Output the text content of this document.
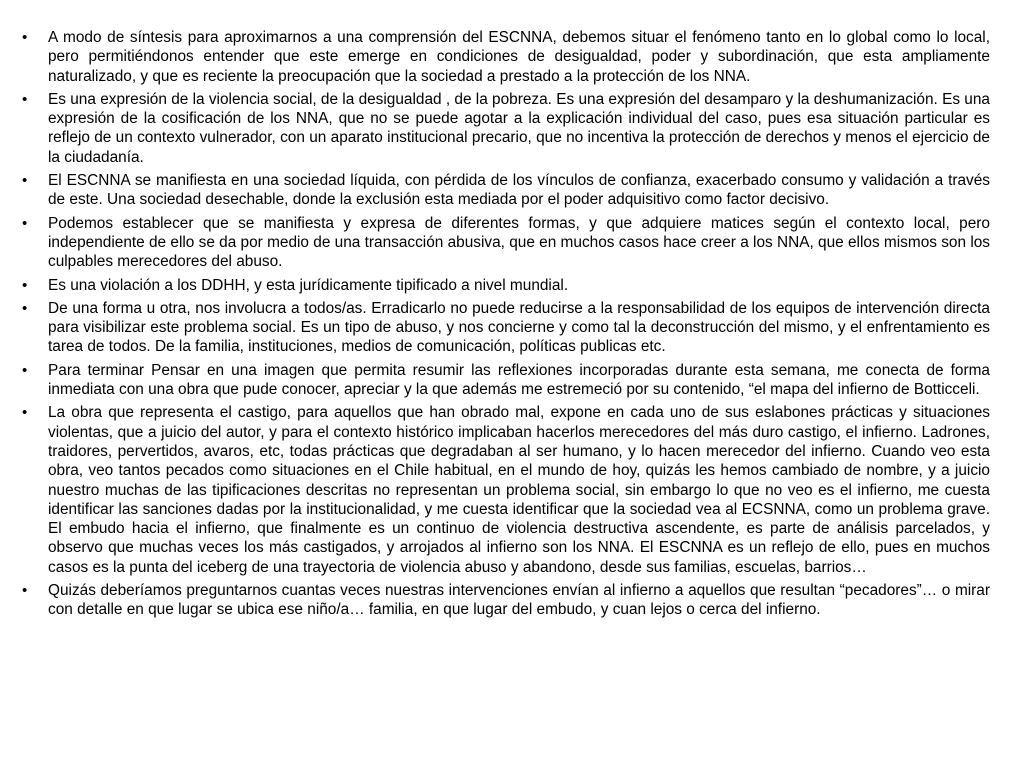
•	A modo de síntesis para aproximarnos a una comprensión del ESCNNA, debemos situar el fenómeno tanto en lo global como lo local, pero permitiéndonos entender que este emerge en condiciones de desigualdad, poder y subordinación, que esta ampliamente naturalizado, y que es reciente la preocupación que la sociedad a prestado a la protección de los NNA.
•	Es una expresión de la violencia social, de la desigualdad , de la pobreza. Es una expresión del desamparo y la deshumanización. Es una expresión de la cosificación de los NNA, que no se puede agotar a la explicación individual del caso, pues esa situación particular es reflejo de un contexto vulnerador, con un aparato institucional precario, que no incentiva la protección de derechos y menos el ejercicio de la ciudadanía.
•	El ESCNNA se manifiesta en una sociedad líquida, con pérdida de los vínculos de confianza, exacerbado consumo y validación a través de este. Una sociedad desechable, donde la exclusión esta mediada por el poder adquisitivo como factor decisivo.
•	Podemos establecer que se manifiesta y expresa de diferentes formas, y que adquiere matices según el contexto local, pero independiente de ello se da por medio de una transacción abusiva, que en muchos casos hace creer a los NNA, que ellos mismos son los culpables merecedores del abuso.
•	Es una violación a los DDHH, y esta jurídicamente tipificado a nivel mundial.
•	De una forma u otra, nos involucra a todos/as. Erradicarlo no puede reducirse a la responsabilidad de los equipos de intervención directa para visibilizar este problema social. Es un tipo de abuso, y nos concierne y como tal la deconstrucción del mismo, y el enfrentamiento es tarea de todos. De la familia, instituciones, medios de comunicación, políticas publicas etc.
•	Para terminar Pensar en una imagen que permita resumir las reflexiones incorporadas durante esta semana, me conecta de forma inmediata con una obra que pude conocer, apreciar y la que además me estremeció por su contenido, “el mapa del infierno de Botticceli.
•	La obra que representa el castigo, para aquellos que han obrado mal, expone en cada uno de sus eslabones prácticas y situaciones violentas, que a juicio del autor, y para el contexto histórico implicaban hacerlos merecedores del más duro castigo, el infierno. Ladrones, traidores, pervertidos, avaros, etc, todas prácticas que degradaban al ser humano, y lo hacen merecedor del infierno. Cuando veo esta obra, veo tantos pecados como situaciones en el Chile habitual, en el mundo de hoy, quizás les hemos cambiado de nombre, y a juicio nuestro muchas de las tipificaciones descritas no representan un problema social, sin embargo lo que no veo es el infierno, me cuesta identificar las sanciones dadas por la institucionalidad, y me cuesta identificar que la sociedad vea al ECSNNA, como un problema grave. El embudo hacia el infierno, que finalmente es un continuo de violencia destructiva ascendente, es parte de análisis parcelados, y observo que muchas veces los más castigados, y arrojados al infierno son los NNA. El ESCNNA es un reflejo de ello, pues en muchos casos es la punta del iceberg de una trayectoria de violencia abuso y abandono, desde sus familias, escuelas, barrios…
•	Quizás deberíamos preguntarnos cuantas veces nuestras intervenciones envían al infierno a aquellos que resultan “pecadores”… o mirar con detalle en que lugar se ubica ese niño/a… familia, en que lugar del embudo, y cuan lejos o cerca del infierno.
